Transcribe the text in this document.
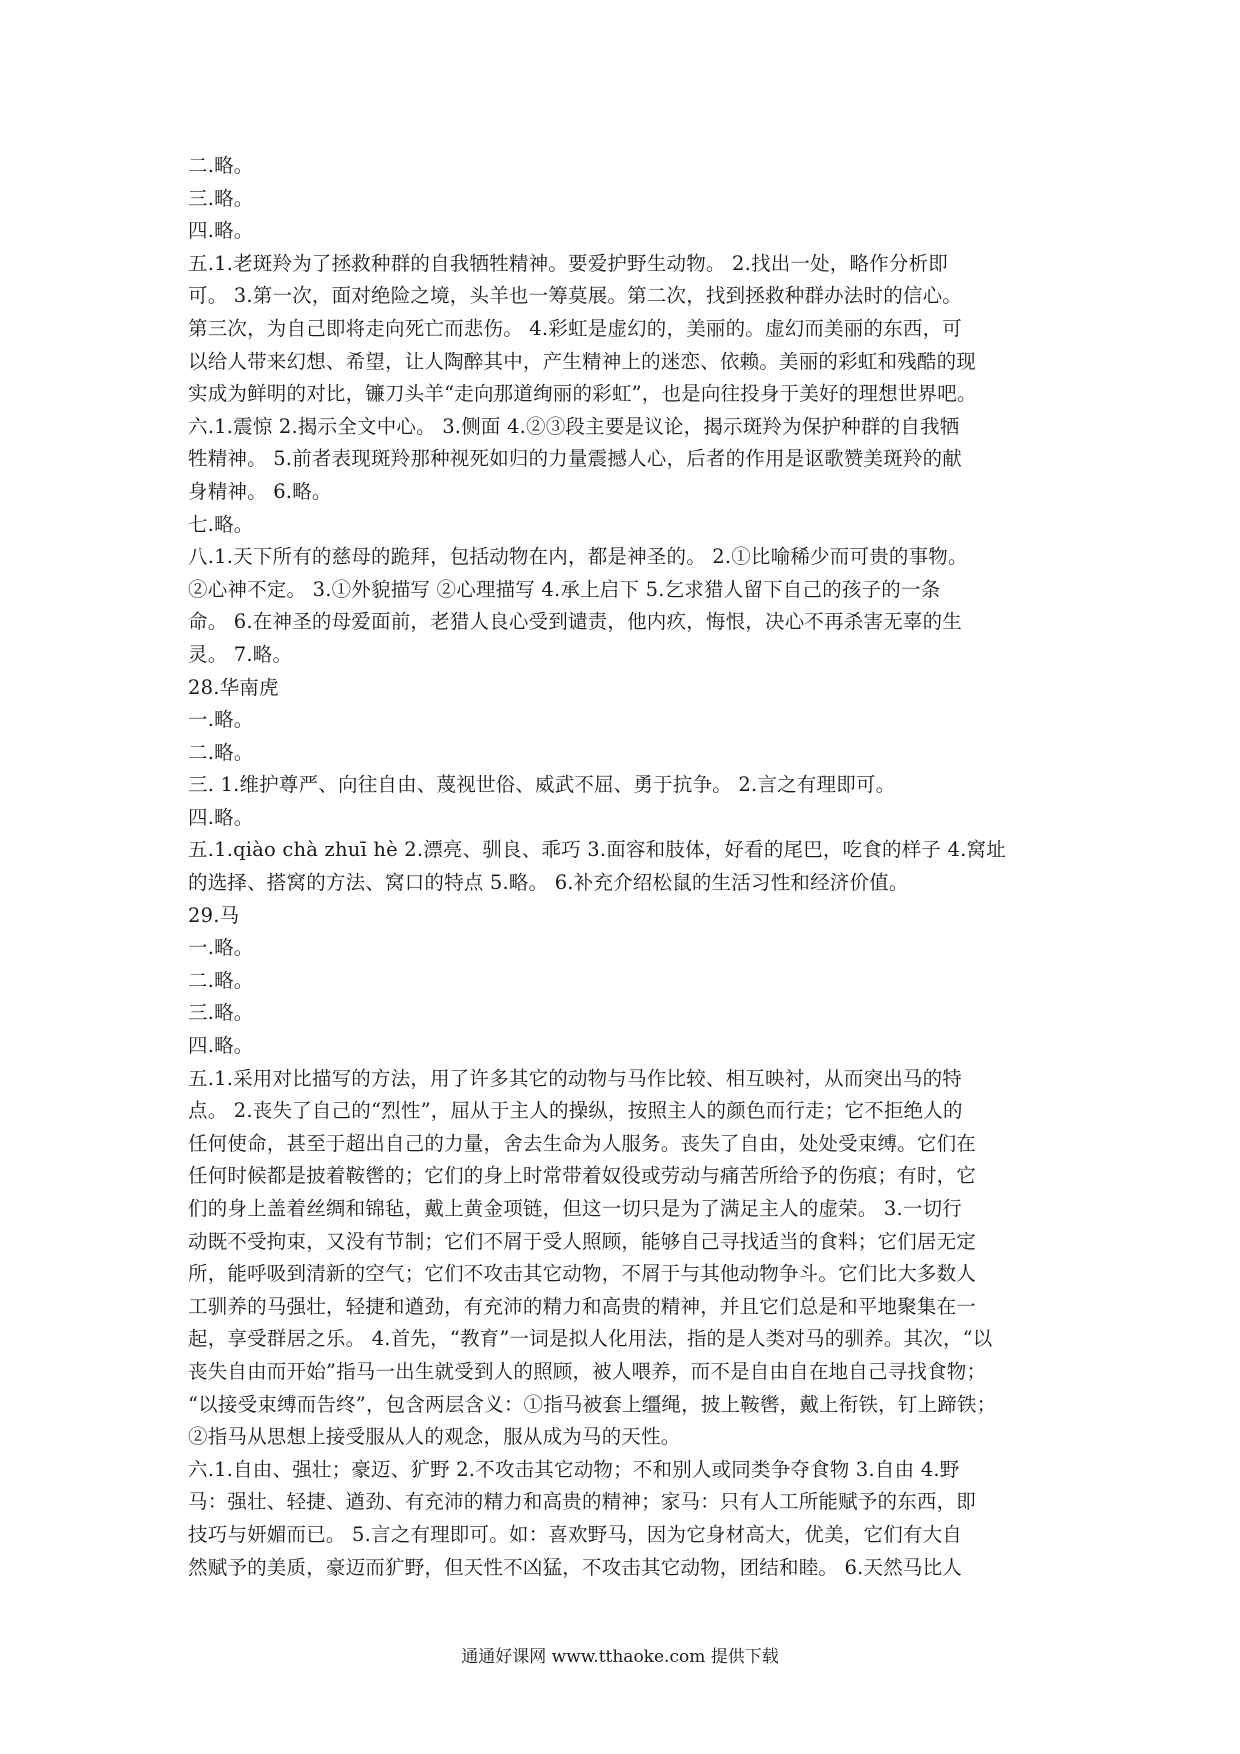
二.略。
三.略。
四.略。
五.1.老斑羚为了拯救种群的自我牺牲精神。要爱护野生动物。 2.找出一处，略作分析即
可。 3.第一次，面对绝险之境，头羊也一筹莫展。第二次，找到拯救种群办法时的信心。
第三次，为自己即将走向死亡而悲伤。 4.彩虹是虚幻的，美丽的。虚幻而美丽的东西，可
以给人带来幻想、希望，让人陶醉其中，产生精神上的迷恋、依赖。美丽的彩虹和残酷的现
实成为鲜明的对比，镰刀头羊“走向那道绚丽的彩虹”，也是向往投身于美好的理想世界吧。
六.1.震惊 2.揭示全文中心。 3.侧面 4.②③段主要是议论，揭示斑羚为保护种群的自我牺
牲精神。 5.前者表现斑羚那种视死如归的力量震撼人心，后者的作用是讴歌赞美斑羚的献
身精神。 6.略。
七.略。
八.1.天下所有的慈母的跪拜，包括动物在内，都是神圣的。 2.①比喻稀少而可贵的事物。
②心神不定。 3.①外貌描写 ②心理描写 4.承上启下 5.乞求猎人留下自己的孩子的一条
命。 6.在神圣的母爱面前，老猎人良心受到谴责，他内疚，悔恨，决心不再杀害无辜的生
灵。 7.略。
28.华南虎
一.略。
二.略。
三. 1.维护尊严、向往自由、蔑视世俗、威武不屈、勇于抗争。 2.言之有理即可。
四.略。
五.1.qiào chà zhuī hè 2.漂亮、驯良、乖巧 3.面容和肢体，好看的尾巴，吃食的样子 4.窝址
的选择、搭窝的方法、窝口的特点 5.略。 6.补充介绍松鼠的生活习性和经济价值。
29.马
一.略。
二.略。
三.略。
四.略。
五.1.采用对比描写的方法，用了许多其它的动物与马作比较、相互映衬，从而突出马的特
点。 2.丧失了自己的“烈性”，屈从于主人的操纵，按照主人的颜色而行走；它不拒绝人的
任何使命，甚至于超出自己的力量，舍去生命为人服务。丧失了自由，处处受束缚。它们在
任何时候都是披着鞍辔的；它们的身上时常带着奴役或劳动与痛苦所给予的伤痕；有时，它
们的身上盖着丝绸和锦毡，戴上黄金项链，但这一切只是为了满足主人的虚荣。 3.一切行
动既不受拘束，又没有节制；它们不屑于受人照顾，能够自己寻找适当的食料；它们居无定
所，能呼吸到清新的空气；它们不攻击其它动物，不屑于与其他动物争斗。它们比大多数人
工驯养的马强壮，轻捷和遒劲，有充沛的精力和高贵的精神，并且它们总是和平地聚集在一
起，享受群居之乐。 4.首先，“教育”一词是拟人化用法，指的是人类对马的驯养。其次，“以
丧失自由而开始”指马一出生就受到人的照顾，被人喂养，而不是自由自在地自己寻找食物；
“以接受束缚而告终”，包含两层含义：①指马被套上缰绳，披上鞍辔，戴上衔铁，钉上蹄铁；
②指马从思想上接受服从人的观念，服从成为马的天性。
六.1.自由、强壮；豪迈、犷野 2.不攻击其它动物；不和别人或同类争夺食物 3.自由 4.野
马：强壮、轻捷、遒劲、有充沛的精力和高贵的精神；家马：只有人工所能赋予的东西，即
技巧与妍媚而已。 5.言之有理即可。如：喜欢野马，因为它身材高大，优美，它们有大自
然赋予的美质，豪迈而犷野，但天性不凶猛，不攻击其它动物，团结和睦。 6.天然马比人
通通好课网 www.tthaoke.com 提供下载
